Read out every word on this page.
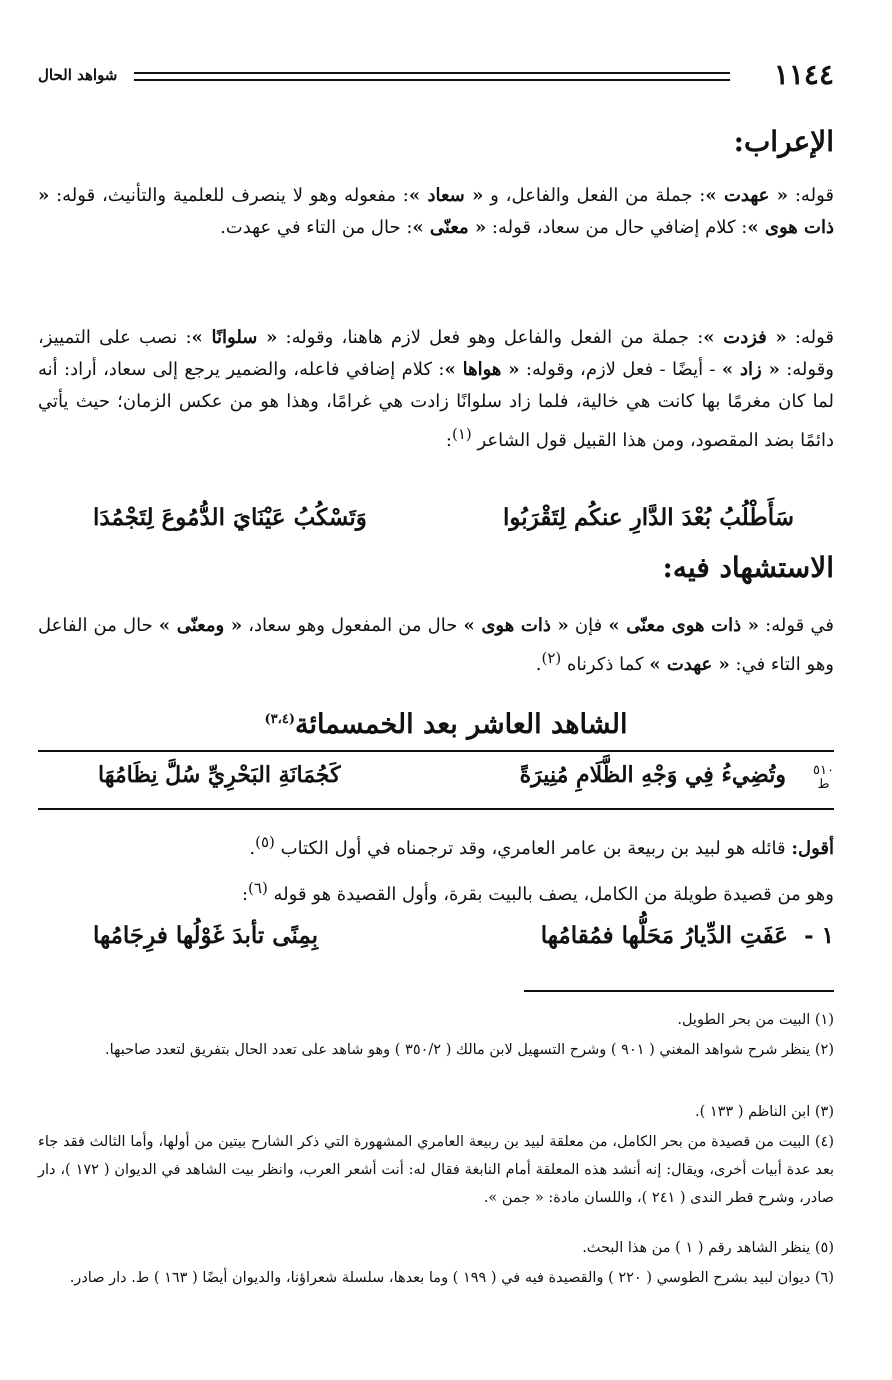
١١٤٤
شواهد الحال
الإعراب:

قوله: « عهدت »: جملة من الفعل والفاعل، و « سعاد »: مفعوله وهو لا ينصرف للعلمية والتأنيث، قوله: « ذات هوى »: كلام إضافي حال من سعاد، قوله: « معنّى »: حال من التاء في عهدت.

قوله: « فزدت »: جملة من الفعل والفاعل وهو فعل لازم هاهنا، وقوله: « سلوانًا »: نصب على التمييز، وقوله: « زاد » - أيضًا - فعل لازم، وقوله: « هواها »: كلام إضافي فاعله، والضمير يرجع إلى سعاد، أراد: أنه لما كان مغرمًا بها كانت هي خالية، فلما زاد سلوانًا زادت هي غرامًا، وهذا هو من عكس الزمان؛ حيث يأتي دائمًا بضد المقصود، ومن هذا القبيل قول الشاعر $^{(١)}$:

سَأَطْلُبُ بُعْدَ الدَّارِ عنكُم لِتَقْرَبُوا
وَتَسْكُبُ عَيْنَايَ الدُّمُوعَ لِتَجْمُدَا
الاستشهاد فيه:

في قوله: « ذات هوى معنّى » فإن « ذات هوى » حال من المفعول وهو سعاد، « ومعنّى » حال من الفاعل وهو التاء في: « عهدت » كما ذكرناه $^{(٢)}$.

الشاهد العاشر بعد الخمسمائة$^{(٣،٤)}$
٥١٠
ط
وتُضِيءُ فِي وَجْهِ الظَّلَامِ مُنِيرَةً
كَجُمَانَةِ البَحْرِيِّ سُلَّ نِظَامُهَا

أقول: قائله هو لبيد بن ربيعة بن عامر العامري، وقد ترجمناه في أول الكتاب $^{(٥)}$.

وهو من قصيدة طويلة من الكامل، يصف بالبيت بقرة، وأول القصيدة هو قوله $^{(٦)}$:

١ -
عَفَتِ الدِّيارُ مَحَلُّها فمُقامُها
بِمِنًى تأبدَ غَوْلُها فرِجَامُها

(١) البيت من بحر الطويل.

(٢) ينظر شرح شواهد المغني ( ٩٠١ ) وشرح التسهيل لابن مالك ( ٣٥٠/٢ ) وهو شاهد على تعدد الحال بتفريق لتعدد صاحبها.

(٣) ابن الناظم ( ١٣٣ ).

(٤) البيت من قصيدة من بحر الكامل، من معلقة لبيد بن ربيعة العامري المشهورة التي ذكر الشارح بيتين من أولها، وأما الثالث فقد جاء بعد عدة أبيات أخرى، ويقال: إنه أنشد هذه المعلقة أمام النابغة فقال له: أنت أشعر العرب، وانظر بيت الشاهد في الديوان ( ١٧٢ )، دار صادر، وشرح قطر الندى ( ٢٤١ )، واللسان مادة: « جمن ».

(٥) ينظر الشاهد رقم ( ١ ) من هذا البحث.

(٦) ديوان لبيد بشرح الطوسي ( ٢٢٠ ) والقصيدة فيه في ( ١٩٩ ) وما بعدها، سلسلة شعراؤنا، والديوان أيضًا ( ١٦٣ ) ط. دار صادر.
